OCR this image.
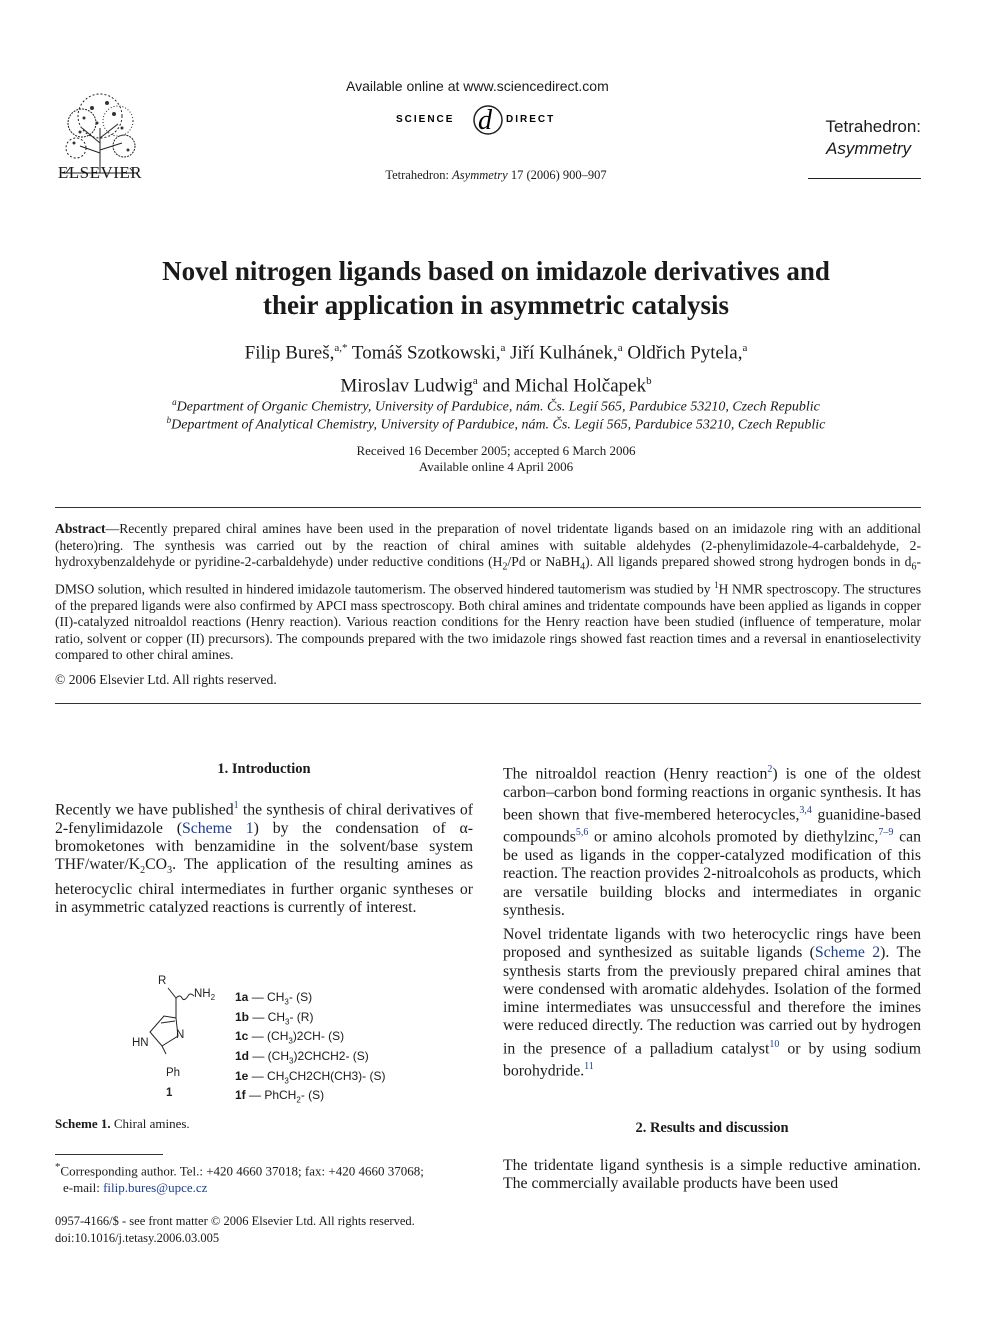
ELSEVIER
Available online at www.sciencedirect.com
SCIENCE d DIRECT
Tetrahedron: Asymmetry 17 (2006) 900–907
Tetrahedron:
Asymmetry
Novel nitrogen ligands based on imidazole derivatives and
their application in asymmetric catalysis
Filip Bureš,$^{a,*}$ Tomáš Szotkowski,$^a$ Jiří Kulhánek,$^a$ Oldřich Pytela,$^a$
Miroslav Ludwig$^a$ and Michal Holčapek$^b$
$^a$Department of Organic Chemistry, University of Pardubice, nám. Čs. Legií 565, Pardubice 53210, Czech Republic
$^b$Department of Analytical Chemistry, University of Pardubice, nám. Čs. Legií 565, Pardubice 53210, Czech Republic
Received 16 December 2005; accepted 6 March 2006
Available online 4 April 2006
Abstract—Recently prepared chiral amines have been used in the preparation of novel tridentate ligands based on an imidazole ring with an additional (hetero)ring. The synthesis was carried out by the reaction of chiral amines with suitable aldehydes (2-phenylimidazole-4-carbaldehyde, 2-hydroxybenzaldehyde or pyridine-2-carbaldehyde) under reductive conditions ($H_2/Pd$ or NaBH$_4$). All ligands prepared showed strong hydrogen bonds in $d_6$-DMSO solution, which resulted in hindered imidazole tautomerism. The observed hindered tautomerism was studied by $^1$H NMR spectroscopy. The structures of the prepared ligands were also confirmed by APCI mass spectroscopy. Both chiral amines and tridentate compounds have been applied as ligands in copper (II)-catalyzed nitroaldol reactions (Henry reaction). Various reaction conditions for the Henry reaction have been studied (influence of temperature, molar ratio, solvent or copper (II) precursors). The compounds prepared with the two imidazole rings showed fast reaction times and a reversal in enantioselectivity compared to other chiral amines.
© 2006 Elsevier Ltd. All rights reserved.
1. Introduction
Recently we have published$^1$ the synthesis of chiral derivatives of 2-fenylimidazole (Scheme 1) by the condensation of α-bromoketones with benzamidine in the solvent/base system THF/$water/K_2CO_3$. The application of the resulting amines as heterocyclic chiral intermediates in further organic syntheses or in asymmetric catalyzed reactions is currently of interest.
R
$NH_2$
N
HN
Ph
1
1a — $CH_3-$ (S)
1b — $CH_3-$ (R)
1c — $(CH_3)2CH-$ (S)
1d — $(CH_3)2CHCH2-$ (S)
1e — $CH_3CH2CH(CH3)-$ (S)
1f — PhCH$_2$- (S)
Scheme 1. Chiral amines.
*Corresponding author. Tel.: +420 4660 37018; fax: +420 4660 37068;
e-mail: filip.bures@upce.cz
0957-4166/$ - see front matter © 2006 Elsevier Ltd. All rights reserved.
doi:10.1016/j.tetasy.2006.03.005
The nitroaldol reaction (Henry reaction$^2$) is one of the oldest carbon–carbon bond forming reactions in organic synthesis. It has been shown that five-membered heterocycles,$^{3,4}$ guanidine-based compounds$^{5,6}$ or amino alcohols promoted by diethylzinc,$^{7-9}$ can be used as ligands in the copper-catalyzed modification of this reaction. The reaction provides 2-nitroalcohols as products, which are versatile building blocks and intermediates in organic synthesis.
Novel tridentate ligands with two heterocyclic rings have been proposed and synthesized as suitable ligands (Scheme 2). The synthesis starts from the previously prepared chiral amines that were condensed with aromatic aldehydes. Isolation of the formed imine intermediates was unsuccessful and therefore the imines were reduced directly. The reduction was carried out by hydrogen in the presence of a palladium catalyst$^{10}$ or by using sodium borohydride.$^{11}$
2. Results and discussion
The tridentate ligand synthesis is a simple reductive amination. The commercially available products have been used
